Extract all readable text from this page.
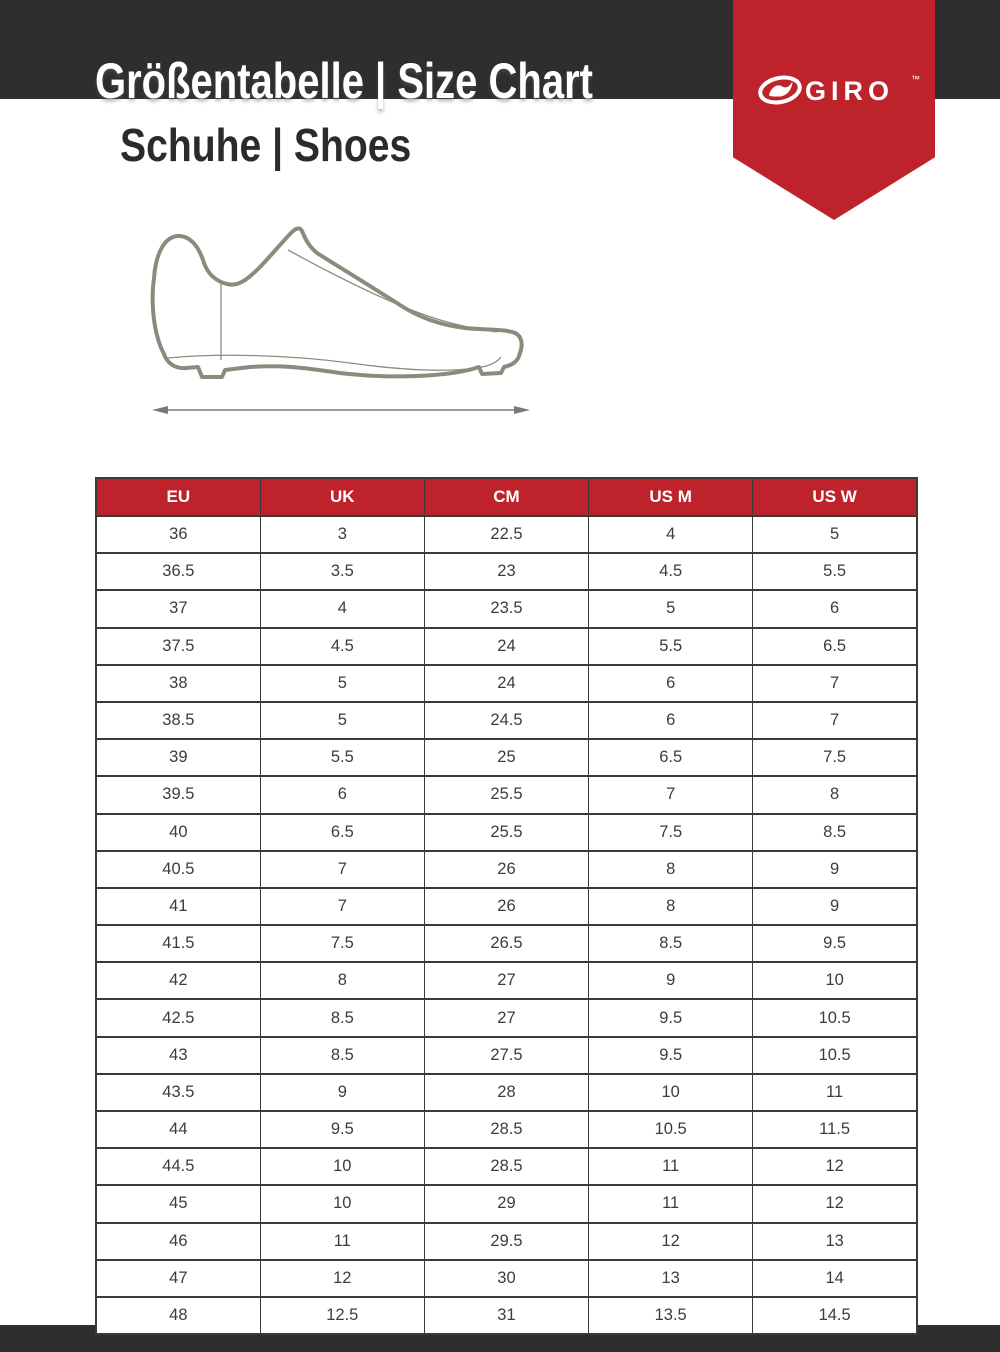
Größentabelle | Size Chart
Schuhe | Shoes
GIRO ™
EU	UK	CM	US M	US W
36	3	22.5	4	5
36.5	3.5	23	4.5	5.5
37	4	23.5	5	6
37.5	4.5	24	5.5	6.5
38	5	24	6	7
38.5	5	24.5	6	7
39	5.5	25	6.5	7.5
39.5	6	25.5	7	8
40	6.5	25.5	7.5	8.5
40.5	7	26	8	9
41	7	26	8	9
41.5	7.5	26.5	8.5	9.5
42	8	27	9	10
42.5	8.5	27	9.5	10.5
43	8.5	27.5	9.5	10.5
43.5	9	28	10	11
44	9.5	28.5	10.5	11.5
44.5	10	28.5	11	12
45	10	29	11	12
46	11	29.5	12	13
47	12	30	13	14
48	12.5	31	13.5	14.5
